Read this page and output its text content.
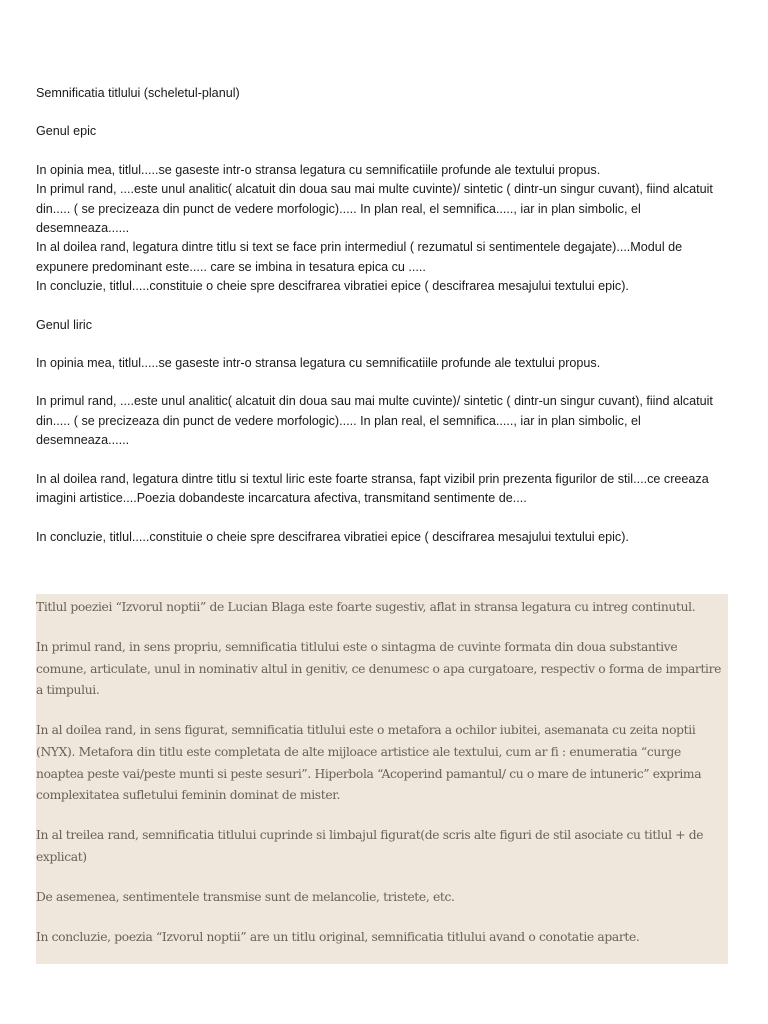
Semnificatia titlului (scheletul-planul)

Genul epic

In opinia mea, titlul.....se gaseste intr-o stransa legatura cu semnificatiile profunde ale textului propus.

In primul rand, ....este unul analitic( alcatuit din doua sau mai multe cuvinte)/ sintetic ( dintr-un singur cuvant), fiind alcatuit din..... ( se precizeaza din punct de vedere morfologic)..... In plan real, el semnifica....., iar in plan simbolic, el desemneaza......

In al doilea rand, legatura dintre titlu si text se face prin intermediul ( rezumatul si sentimentele degajate)....Modul de expunere predominant este..... care se imbina in tesatura epica cu .....

In concluzie, titlul.....constituie o cheie spre descifrarea vibratiei epice ( descifrarea mesajului textului epic).

Genul liric

In opinia mea, titlul.....se gaseste intr-o stransa legatura cu semnificatiile profunde ale textului propus.

In primul rand, ....este unul analitic( alcatuit din doua sau mai multe cuvinte)/ sintetic ( dintr-un singur cuvant), fiind alcatuit din..... ( se precizeaza din punct de vedere morfologic)..... In plan real, el semnifica....., iar in plan simbolic, el desemneaza......

In al doilea rand, legatura dintre titlu si textul liric este foarte stransa, fapt vizibil prin prezenta figurilor de stil....ce creeaza imagini artistice....Poezia dobandeste incarcatura afectiva, transmitand sentimente de....

In concluzie, titlul.....constituie o cheie spre descifrarea vibratiei epice ( descifrarea mesajului textului epic).

Titlul poeziei “Izvorul noptii” de Lucian Blaga este foarte sugestiv, aflat in stransa legatura cu intreg continutul.

In primul rand, in sens propriu, semnificatia titlului este o sintagma de cuvinte formata din doua substantive comune, articulate, unul in nominativ altul in genitiv, ce denumesc o apa curgatoare, respectiv o forma de impartire a timpului.

In al doilea rand, in sens figurat, semnificatia titlului este o metafora a ochilor iubitei, asemanata cu zeita noptii (NYX). Metafora din titlu este completata de alte mijloace artistice ale textului, cum ar fi : enumeratia “curge noaptea peste vai/peste munti si peste sesuri”. Hiperbola “Acoperind pamantul/ cu o mare de intuneric” exprima complexitatea sufletului feminin dominat de mister.

In al treilea rand, semnificatia titlului cuprinde si limbajul figurat(de scris alte figuri de stil asociate cu titlul + de explicat)

De asemenea, sentimentele transmise sunt de melancolie, tristete, etc.

In concluzie, poezia “Izvorul noptii” are un titlu original, semnificatia titlului avand o conotatie aparte.
